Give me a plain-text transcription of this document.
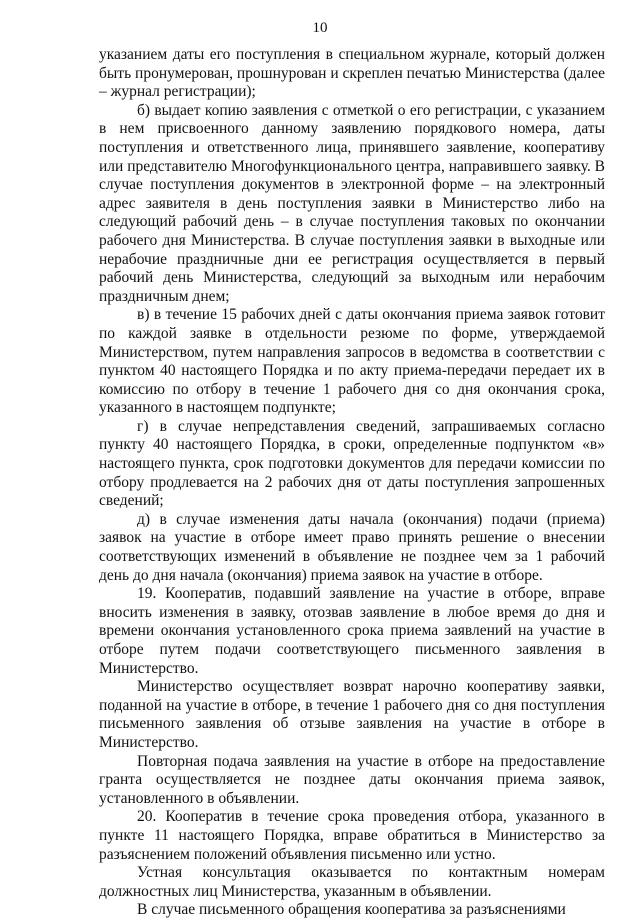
10

указанием даты его поступления в специальном журнале, который должен быть пронумерован, прошнурован и скреплен печатью Министерства (далее – журнал регистрации);

б) выдает копию заявления с отметкой о его регистрации, с указанием в нем присвоенного данному заявлению порядкового номера, даты поступления и ответственного лица, принявшего заявление, кооперативу или представителю Многофункционального центра, направившего заявку. В случае поступления документов в электронной форме – на электронный адрес заявителя в день поступления заявки в Министерство либо на следующий рабочий день – в случае поступления таковых по окончании рабочего дня Министерства. В случае поступления заявки в выходные или нерабочие праздничные дни ее регистрация осуществляется в первый рабочий день Министерства, следующий за выходным или нерабочим праздничным днем;

в) в течение 15 рабочих дней с даты окончания приема заявок готовит по каждой заявке в отдельности резюме по форме, утверждаемой Министерством, путем направления запросов в ведомства в соответствии с пунктом 40 настоящего Порядка и по акту приема-передачи передает их в комиссию по отбору в течение 1 рабочего дня со дня окончания срока, указанного в настоящем подпункте;

г) в случае непредставления сведений, запрашиваемых согласно пункту 40 настоящего Порядка, в сроки, определенные подпунктом «в» настоящего пункта, срок подготовки документов для передачи комиссии по отбору продлевается на 2 рабочих дня от даты поступления запрошенных сведений;

д) в случае изменения даты начала (окончания) подачи (приема) заявок на участие в отборе имеет право принять решение о внесении соответствующих изменений в объявление не позднее чем за 1 рабочий день до дня начала (окончания) приема заявок на участие в отборе.

19. Кооператив, подавший заявление на участие в отборе, вправе вносить изменения в заявку, отозвав заявление в любое время до дня и времени окончания установленного срока приема заявлений на участие в отборе путем подачи соответствующего письменного заявления в Министерство.

Министерство осуществляет возврат нарочно кооперативу заявки, поданной на участие в отборе, в течение 1 рабочего дня со дня поступления письменного заявления об отзыве заявления на участие в отборе в Министерство.

Повторная подача заявления на участие в отборе на предоставление гранта осуществляется не позднее даты окончания приема заявок, установленного в объявлении.

20. Кооператив в течение срока проведения отбора, указанного в пункте 11 настоящего Порядка, вправе обратиться в Министерство за разъяснением положений объявления письменно или устно.

Устная консультация оказывается по контактным номерам должностных лиц Министерства, указанным в объявлении.

В случае письменного обращения кооператива за разъяснениями
